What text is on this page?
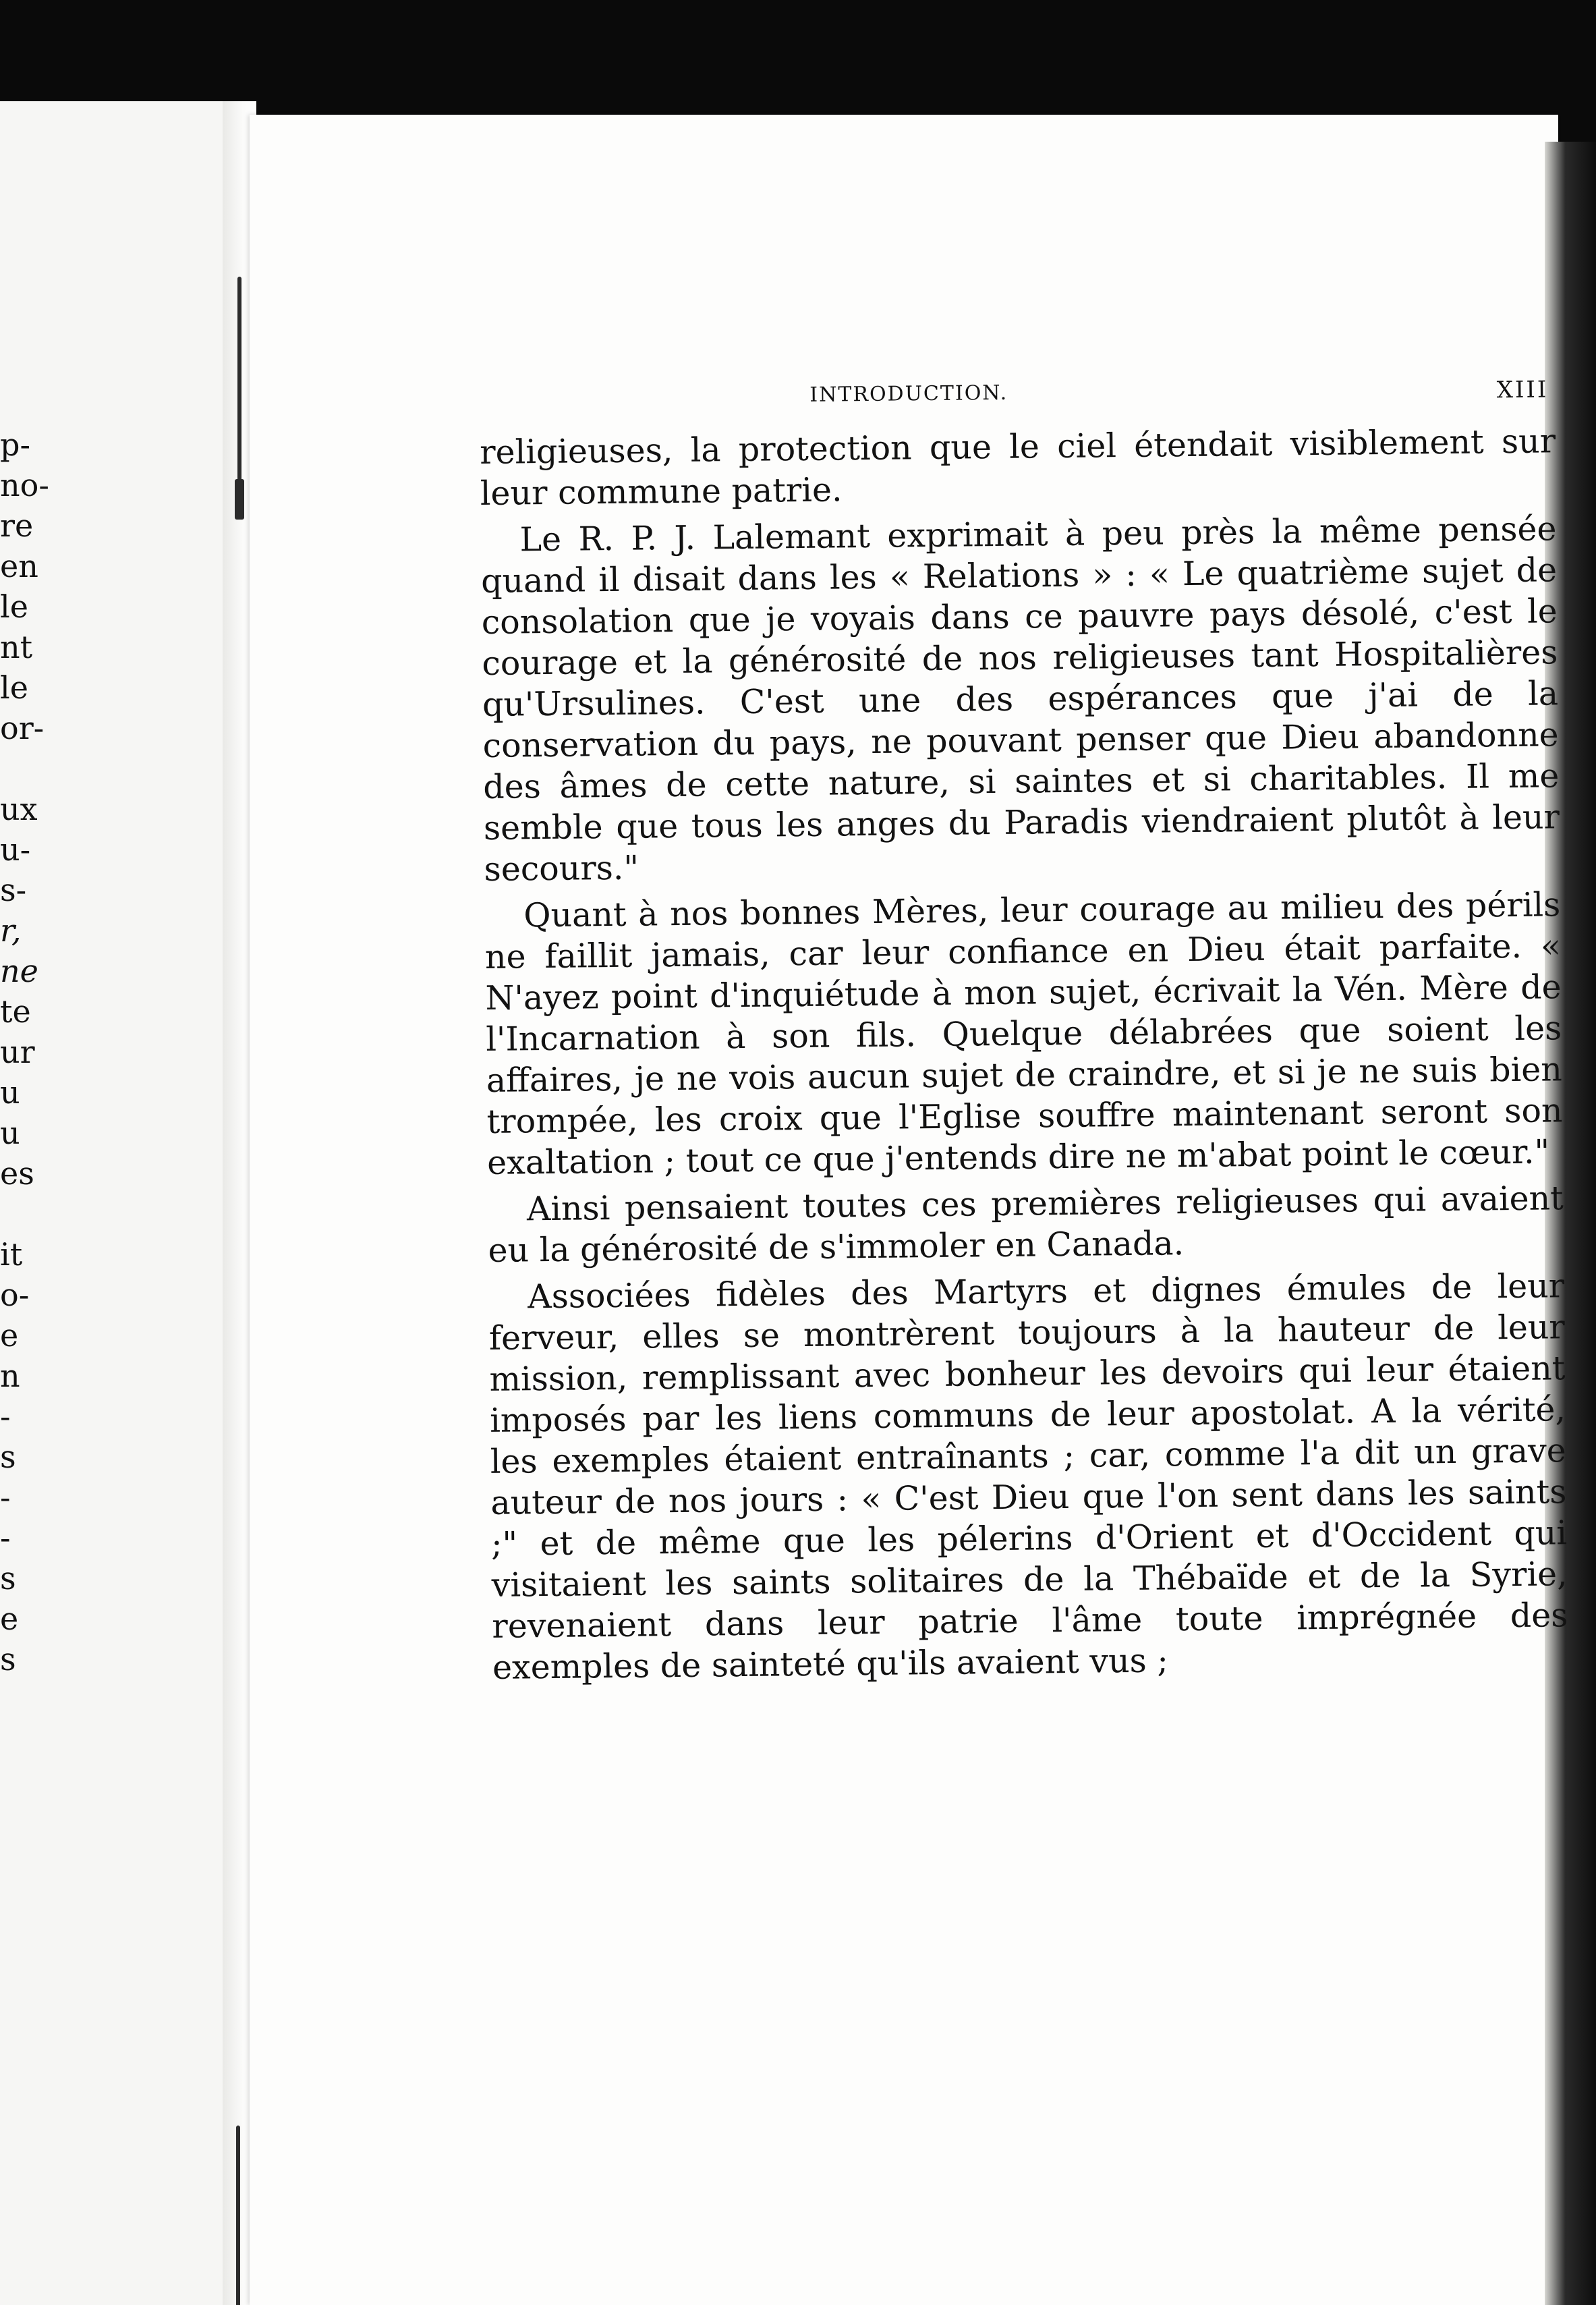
p-
no-
re
en
le
nt
le
or-
ux
u-
s-
r,
ne
te
ur
u
u
es
it
o-
e
n
-
s
-
-
s
e
s
INTRODUCTION.	XIII

religieuses, la protection que le ciel étendait visiblement sur leur commune patrie.

Le R. P. J. Lalemant exprimait à peu près la même pensée quand il disait dans les « Relations » : « Le quatrième sujet de consolation que je voyais dans ce pauvre pays désolé, c'est le courage et la générosité de nos religieuses tant Hospitalières qu'Ursulines. C'est une des espérances que j'ai de la conservation du pays, ne pouvant penser que Dieu abandonne des âmes de cette nature, si saintes et si charitables. Il me semble que tous les anges du Paradis viendraient plutôt à leur secours."

Quant à nos bonnes Mères, leur courage au milieu des périls ne faillit jamais, car leur confiance en Dieu était parfaite. « N'ayez point d'inquiétude à mon sujet, écrivait la Vén. Mère de l'Incarnation à son fils. Quelque délabrées que soient les affaires, je ne vois aucun sujet de craindre, et si je ne suis bien trompée, les croix que l'Eglise souffre maintenant seront son exaltation ; tout ce que j'entends dire ne m'abat point le cœur."

Ainsi pensaient toutes ces premières religieuses qui avaient eu la générosité de s'immoler en Canada.

Associées fidèles des Martyrs et dignes émules de leur ferveur, elles se montrèrent toujours à la hauteur de leur mission, remplissant avec bonheur les devoirs qui leur étaient imposés par les liens communs de leur apostolat. A la vérité, les exemples étaient entraînants ; car, comme l'a dit un grave auteur de nos jours : « C'est Dieu que l'on sent dans les saints ;" et de même que les pélerins d'Orient et d'Occident qui visitaient les saints solitaires de la Thébaïde et de la Syrie, revenaient dans leur patrie l'âme toute imprégnée des exemples de sainteté qu'ils avaient vus ;
